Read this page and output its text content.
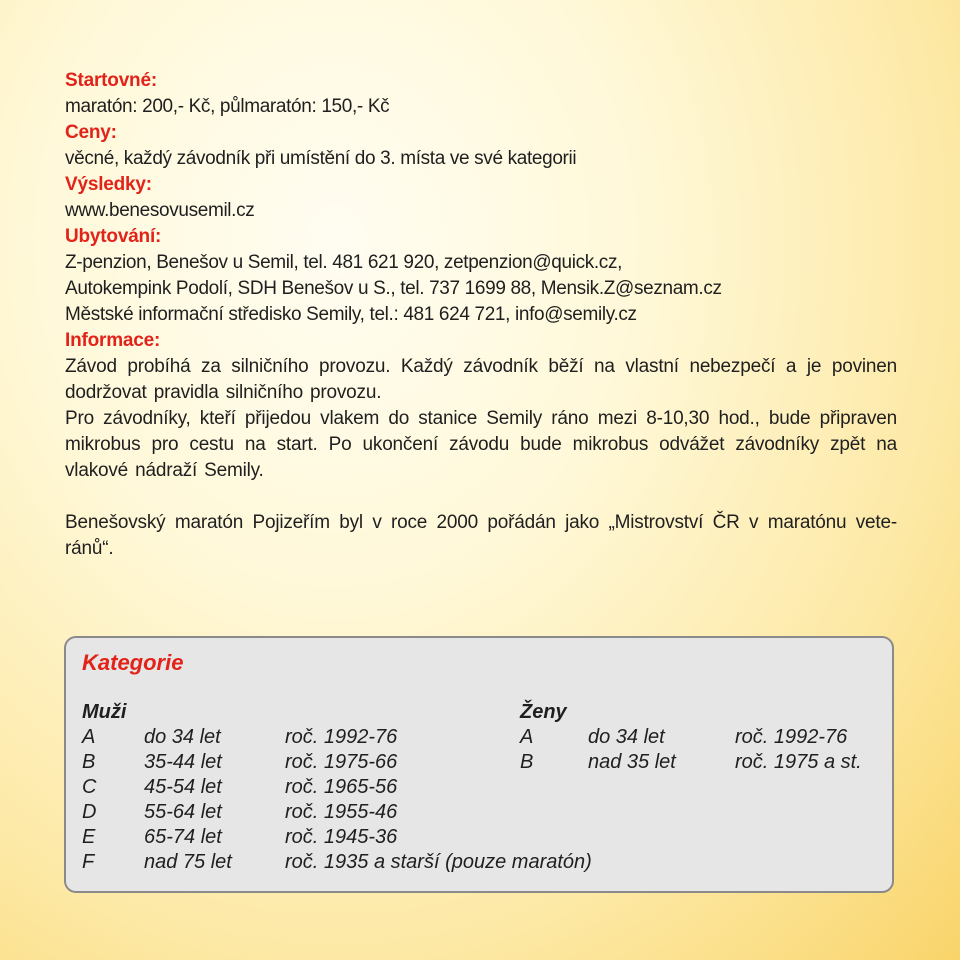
Startovné:
maratón: 200,- Kč, půlmaratón: 150,- Kč
Ceny:
věcné, každý závodník při umístění do 3. místa ve své kategorii
Výsledky:
www.benesovusemil.cz
Ubytování:
Z-penzion, Benešov u Semil, tel. 481 621 920, zetpenzion@quick.cz,
Autokempink Podolí, SDH Benešov u S., tel. 737 1699 88, Mensik.Z@seznam.cz
Městské informační středisko Semily, tel.: 481 624 721, info@semily.cz
Informace:
Závod probíhá za silničního provozu. Každý závodník běží na vlastní nebezpečí a je povinen
dodržovat pravidla silničního provozu.
Pro závodníky, kteří přijedou vlakem do stanice Semily ráno mezi 8-10,30 hod., bude připraven
mikrobus pro cestu na start. Po ukončení závodu bude mikrobus odvážet závodníky zpět na
vlakové nádraží Semily.
Benešovský maratón Pojizeřím byl v roce 2000 pořádán jako „Mistrovství ČR v maratónu vete-
ránů“.
Kategorie
Muži
A do 34 let	roč. 1992-76
B 35-44 let	roč. 1975-66
C 45-54 let	roč. 1965-56
D 55-64 let	roč. 1955-46
E 65-74 let	roč. 1945-36
F nad 75 let	roč. 1935 a starší (pouze maratón)
Ženy
A	do 34 let	roč. 1992-76
B	nad 35 let	roč. 1975 a st.
